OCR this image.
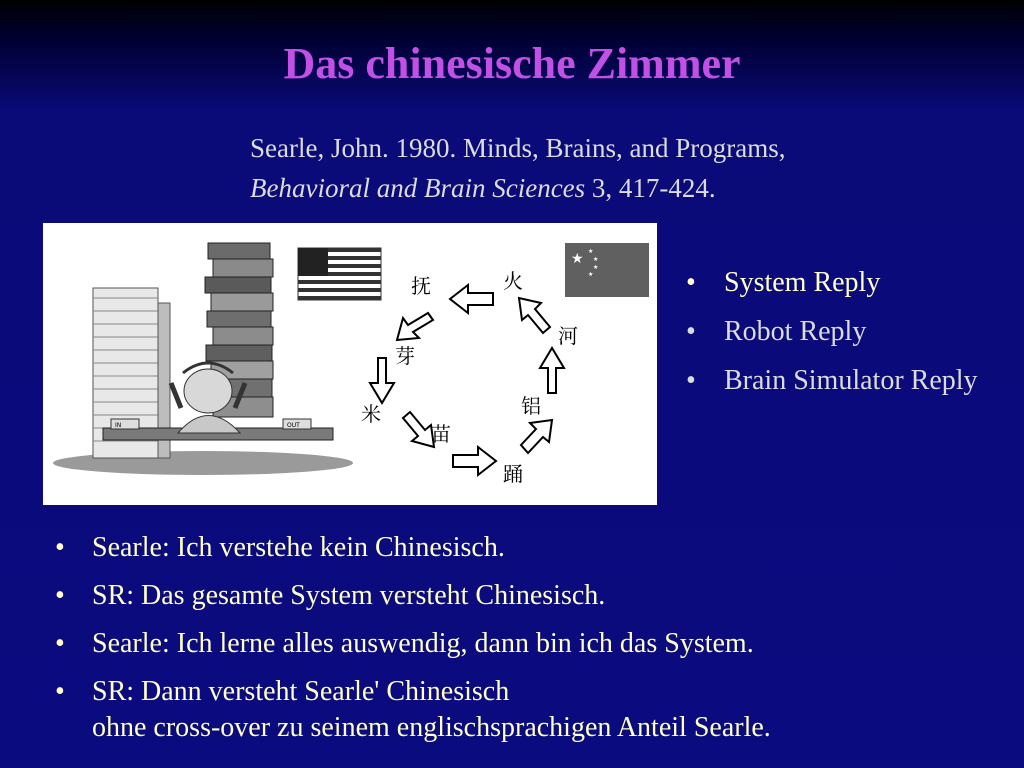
Das chinesische Zimmer
Searle, John. 1980. Minds, Brains, and Programs,
Behavioral and Brain Sciences 3, 417-424.
IN	OUT
★ ★
★
★
★
抚	火
河
芽
米
苗
铝
踊
• System Reply
• Robot Reply
• Brain Simulator Reply
• Searle: Ich verstehe kein Chinesisch.
• SR: Das gesamte System versteht Chinesisch.
• Searle: Ich lerne alles auswendig, dann bin ich das System.
• SR: Dann versteht Searle' Chinesisch
ohne cross-over zu seinem englischsprachigen Anteil Searle.
